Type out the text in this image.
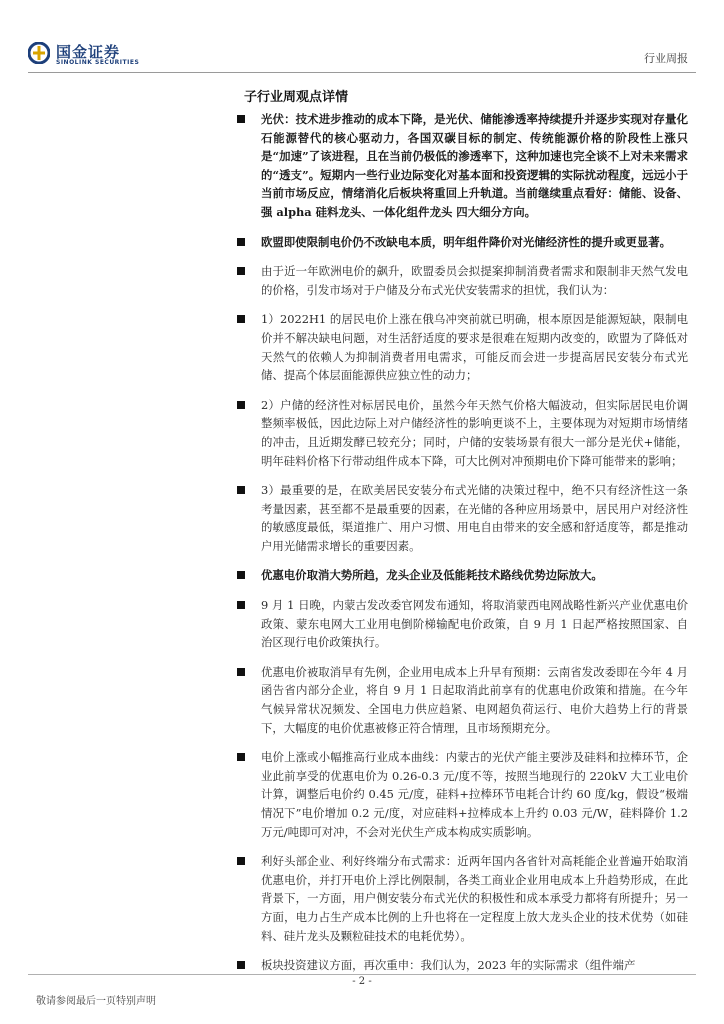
国金证券
SINOLINK SECURITIES	行业周报
子行业周观点详情
光伏：技术进步推动的成本下降，是光伏、储能渗透率持续提升并逐步实现对存量化石能源替代的核心驱动力，各国双碳目标的制定、传统能源价格的阶段性上涨只是“加速”了该进程，且在当前仍极低的渗透率下，这种加速也完全谈不上对未来需求的“透支”。短期内一些行业边际变化对基本面和投资逻辑的实际扰动程度，远远小于当前市场反应，情绪消化后板块将重回上升轨道。当前继续重点看好：储能、设备、强 alpha 硅料龙头、一体化组件龙头 四大细分方向。
欧盟即使限制电价仍不改缺电本质，明年组件降价对光储经济性的提升或更显著。
由于近一年欧洲电价的飙升，欧盟委员会拟提案抑制消费者需求和限制非天然气发电的价格，引发市场对于户储及分布式光伏安装需求的担忧，我们认为：
1）2022H1 的居民电价上涨在俄乌冲突前就已明确，根本原因是能源短缺，限制电价并不解决缺电问题，对生活舒适度的要求是很难在短期内改变的，欧盟为了降低对天然气的依赖人为抑制消费者用电需求，可能反而会进一步提高居民安装分布式光储、提高个体层面能源供应独立性的动力；
2）户储的经济性对标居民电价，虽然今年天然气价格大幅波动，但实际居民电价调整频率极低，因此边际上对户储经济性的影响更谈不上，主要体现为对短期市场情绪的冲击，且近期发酵已较充分；同时，户储的安装场景有很大一部分是光伏+储能，明年硅料价格下行带动组件成本下降，可大比例对冲预期电价下降可能带来的影响；
3）最重要的是，在欧美居民安装分布式光储的决策过程中，绝不只有经济性这一条考量因素，甚至都不是最重要的因素，在光储的各种应用场景中，居民用户对经济性的敏感度最低，渠道推广、用户习惯、用电自由带来的安全感和舒适度等，都是推动户用光储需求增长的重要因素。
优惠电价取消大势所趋，龙头企业及低能耗技术路线优势边际放大。
9 月 1 日晚，内蒙古发改委官网发布通知，将取消蒙西电网战略性新兴产业优惠电价政策、蒙东电网大工业用电倒阶梯输配电价政策，自 9 月 1 日起严格按照国家、自治区现行电价政策执行。
优惠电价被取消早有先例，企业用电成本上升早有预期：云南省发改委即在今年 4 月函告省内部分企业，将自 9 月 1 日起取消此前享有的优惠电价政策和措施。在今年气候异常状况频发、全国电力供应趋紧、电网超负荷运行、电价大趋势上行的背景下，大幅度的电价优惠被修正符合情理，且市场预期充分。
电价上涨或小幅推高行业成本曲线：内蒙古的光伏产能主要涉及硅料和拉棒环节，企业此前享受的优惠电价为 0.26-0.3 元/度不等，按照当地现行的 220kV 大工业电价计算，调整后电价约 0.45 元/度，硅料+拉棒环节电耗合计约 60 度/kg，假设“极端情况下”电价增加 0.2 元/度，对应硅料+拉棒成本上升约 0.03 元/W，硅料降价 1.2 万元/吨即可对冲，不会对光伏生产成本构成实质影响。
利好头部企业、利好终端分布式需求：近两年国内各省针对高耗能企业普遍开始取消优惠电价，并打开电价上浮比例限制，各类工商业企业用电成本上升趋势形成，在此背景下，一方面，用户侧安装分布式光伏的积极性和成本承受力都将有所提升；另一方面，电力占生产成本比例的上升也将在一定程度上放大龙头企业的技术优势（如硅料、硅片龙头及颗粒硅技术的电耗优势）。
板块投资建议方面，再次重申：我们认为，2023 年的实际需求（组件端产
- 2 -
敬请参阅最后一页特别声明
